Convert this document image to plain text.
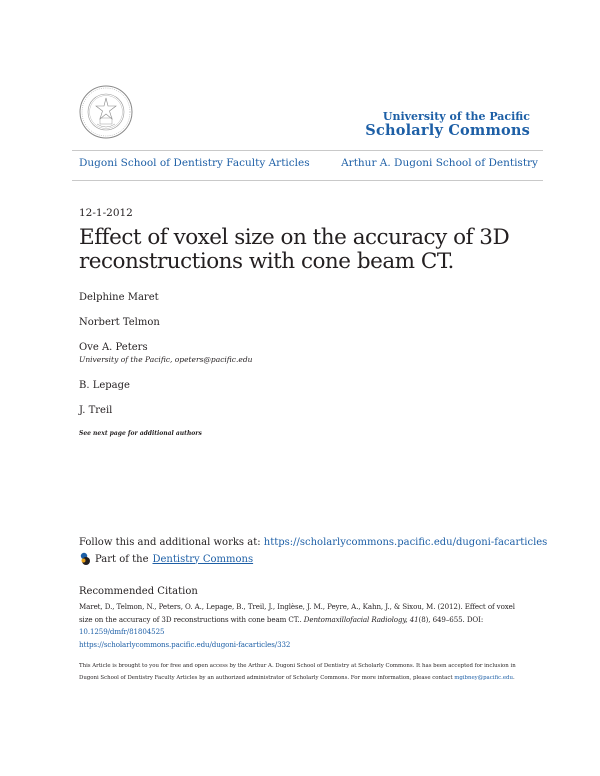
University of the Pacific
Scholarly Commons
Dugoni School of Dentistry Faculty Articles	Arthur A. Dugoni School of Dentistry
12-1-2012
Effect of voxel size on the accuracy of 3D reconstructions with cone beam CT.
Delphine Maret
Norbert Telmon
Ove A. Peters
University of the Pacific, opeters@pacific.edu
B. Lepage
J. Treil
See next page for additional authors
Follow this and additional works at: https://scholarlycommons.pacific.edu/dugoni-facarticles
Part of the Dentistry Commons
Recommended Citation
Maret, D., Telmon, N., Peters, O. A., Lepage, B., Treil, J., Inglèse, J. M., Peyre, A., Kahn, J., & Sixou, M. (2012). Effect of voxel size on the accuracy of 3D reconstructions with cone beam CT.. Dentomaxillofacial Radiology, 41(8), 649–655. DOI: 10.1259/dmfr/81804525
https://scholarlycommons.pacific.edu/dugoni-facarticles/332
This Article is brought to you for free and open access by the Arthur A. Dugoni School of Dentistry at Scholarly Commons. It has been accepted for inclusion in Dugoni School of Dentistry Faculty Articles by an authorized administrator of Scholarly Commons. For more information, please contact mgibney@pacific.edu.
